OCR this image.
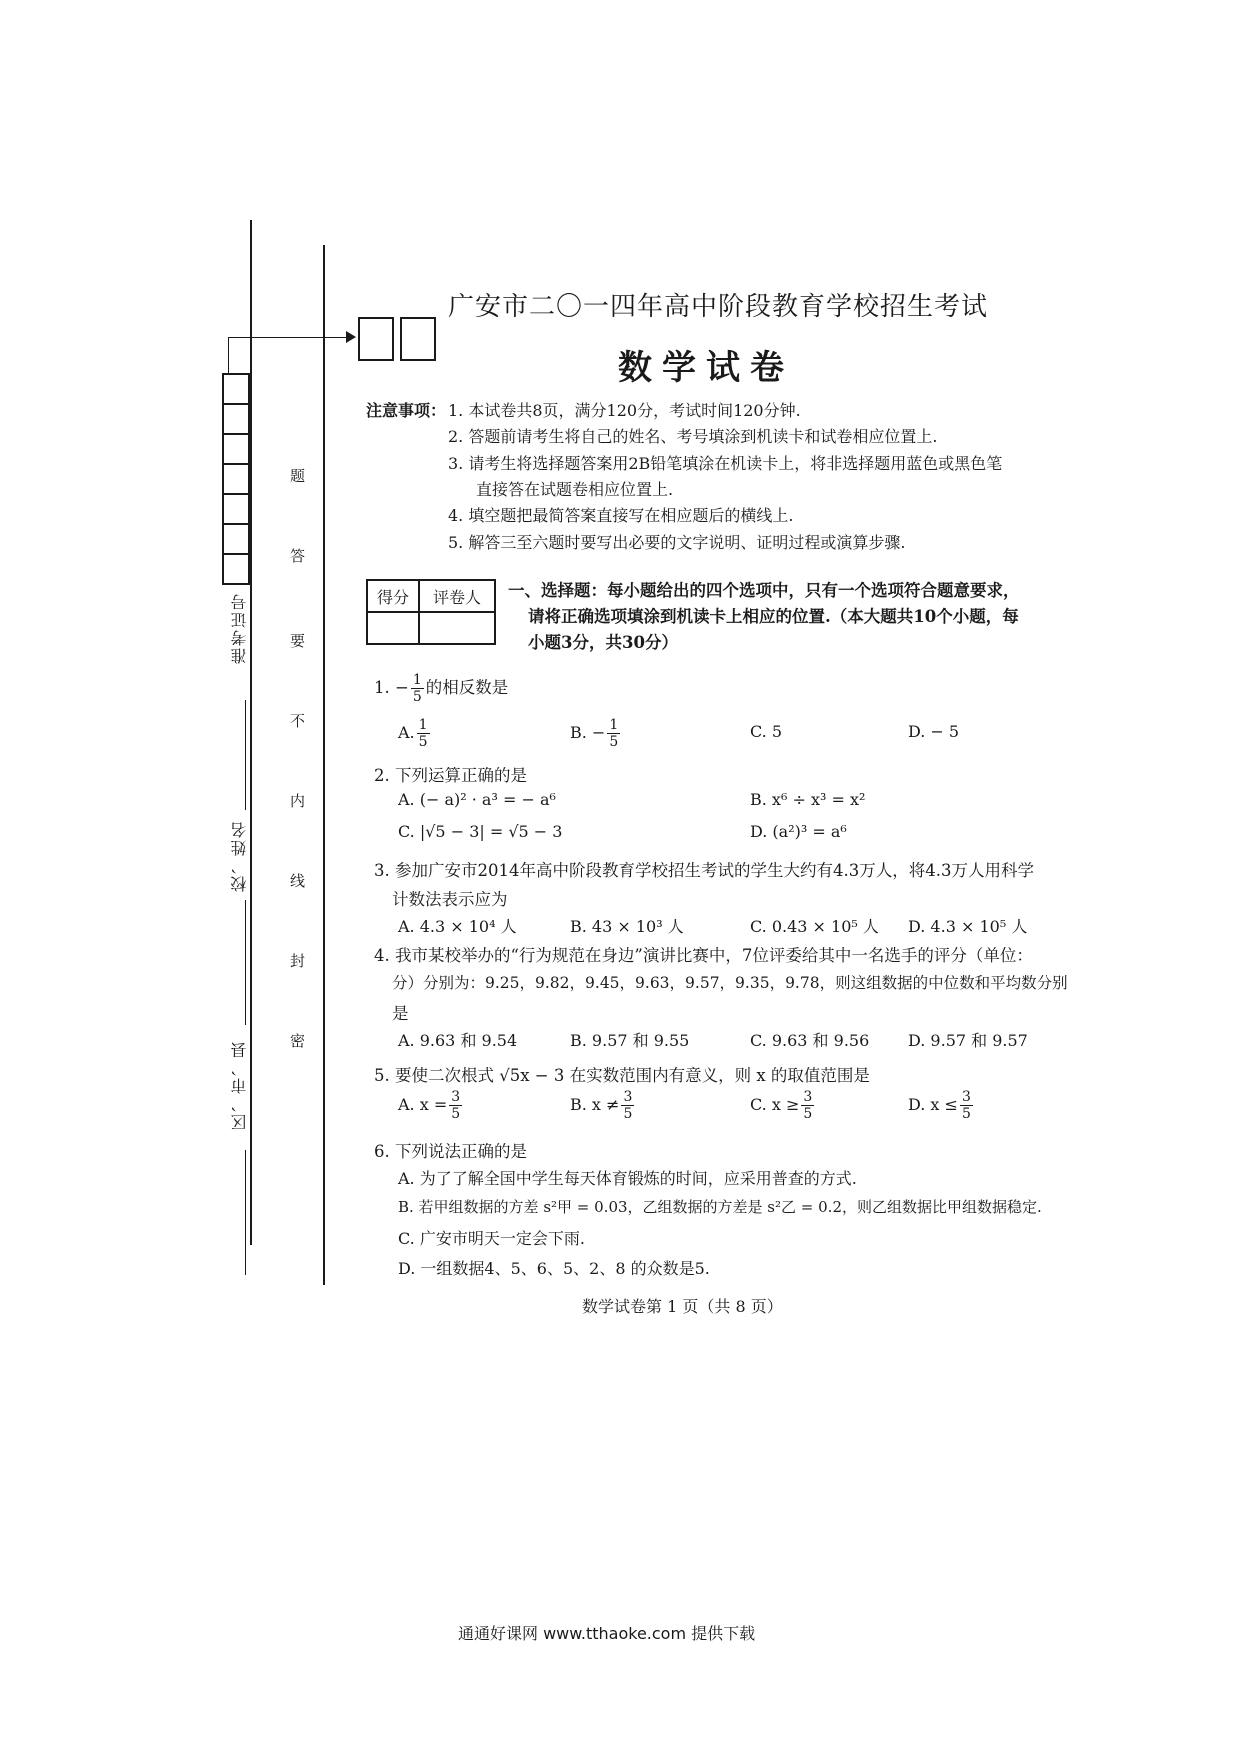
准考证号
校、姓名
区、市、县	密
封
线
内
不
要
答
题
广安市二〇一四年高中阶段教育学校招生考试
数学试卷
注意事项： 1. 本试卷共8页，满分120分，考试时间120分钟.
2. 答题前请考生将自己的姓名、考号填涂到机读卡和试卷相应位置上.
3. 请考生将选择题答案用2B铅笔填涂在机读卡上，将非选择题用蓝色或黑色笔
直接答在试题卷相应位置上.
4. 填空题把最简答案直接写在相应题后的横线上.
5. 解答三至六题时要写出必要的文字说明、证明过程或演算步骤.
得分	评卷人
	一、选择题：每小题给出的四个选项中，只有一个选项符合题意要求，
请将正确选项填涂到机读卡上相应的位置.（本大题共10个小题，每
小题3分，共30分）
1. − $\frac{1}{5}$ 的相反数是
A. $\frac{1}{5}$	B. − $\frac{1}{5}$	C. 5	D. − 5
2. 下列运算正确的是
A. (− a)² · a³ = − a⁶	B. x⁶ ÷ x³ = x²
C. |√5 − 3| = √5 − 3	D. (a²)³ = a⁶
3. 参加广安市2014年高中阶段教育学校招生考试的学生大约有4.3万人，将4.3万人用科学
计数法表示应为
A. 4.3 × 10⁴ 人	B. 43 × 10³ 人	C. 0.43 × 10⁵ 人 D. 4.3 × 10⁵ 人
4. 我市某校举办的“行为规范在身边”演讲比赛中，7位评委给其中一名选手的评分（单位：
分）分别为：9.25，9.82，9.45，9.63，9.57，9.35，9.78，则这组数据的中位数和平均数分别
是
A. 9.63 和 9.54	B. 9.57 和 9.55	C. 9.63 和 9.56 D. 9.57 和 9.57
5. 要使二次根式 √5x − 3 在实数范围内有意义，则 x 的取值范围是
A. $x = \frac{3}{5}$	B. $x \ne \frac{3}{5}$	C. $x \ge \frac{3}{5}$	D. $x \le \frac{3}{5}$
6. 下列说法正确的是
A. 为了了解全国中学生每天体育锻炼的时间，应采用普查的方式.
B. 若甲组数据的方差 s²甲 = 0.03，乙组数据的方差是 s²乙 = 0.2，则乙组数据比甲组数据稳定.
C. 广安市明天一定会下雨.
D. 一组数据4、5、6、5、2、8 的众数是5.
数学试卷第 1 页（共 8 页）
通通好课网 www.tthaoke.com 提供下载
